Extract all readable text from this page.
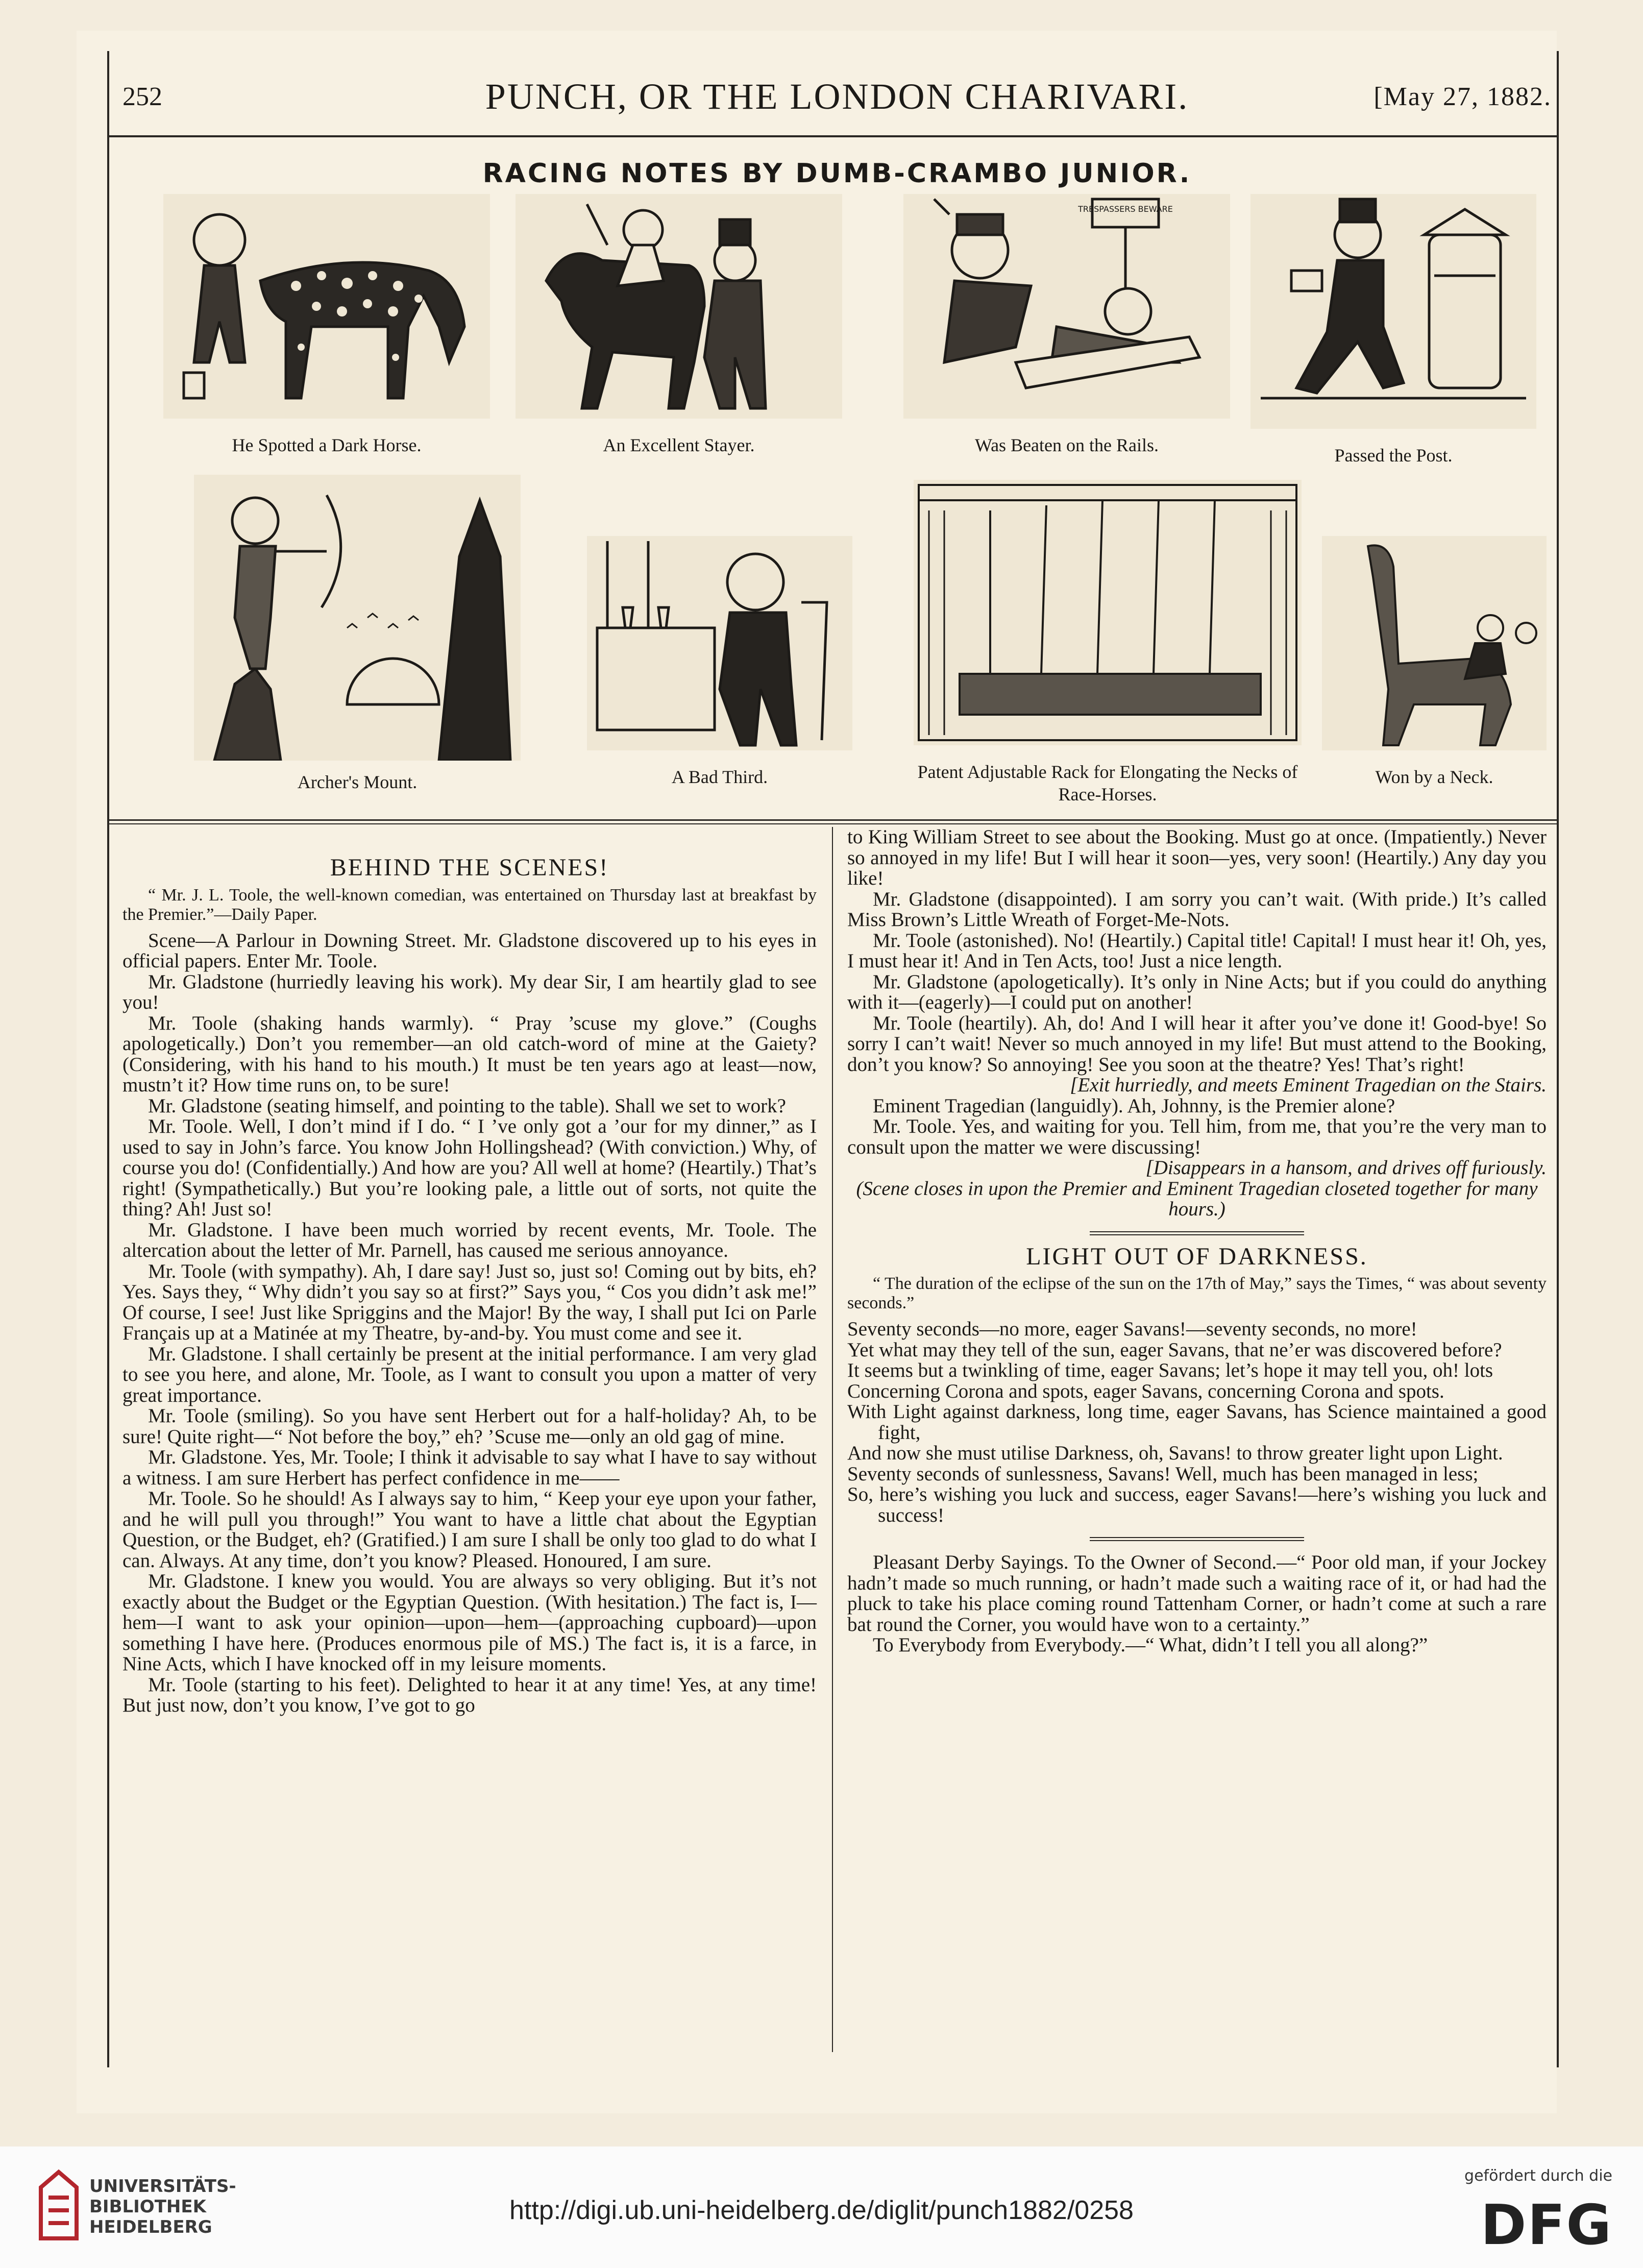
252	PUNCH, OR THE LONDON CHARIVARI.	[May 27, 1882.
RACING NOTES BY DUMB-CRAMBO JUNIOR.
He Spotted a Dark Horse.	An Excellent Stayer.
TRESPASSERS BEWARE
Was Beaten on the Rails.	Passed the Post.
Archer's Mount.	A Bad Third.	Patent Adjustable Rack for Elongating the Necks of Race-Horses.
Won by a Neck.
BEHIND THE SCENES!

“ Mr. J. L. Toole, the well-known comedian, was entertained on Thursday last at breakfast by the Premier.”—Daily Paper.

Scene—A Parlour in Downing Street. Mr. Gladstone discovered up to his eyes in official papers. Enter Mr. Toole.

Mr. Gladstone (hurriedly leaving his work). My dear Sir, I am heartily glad to see you!

Mr. Toole (shaking hands warmly). “ Pray ’scuse my glove.” (Coughs apologetically.) Don’t you remember—an old catch-word of mine at the Gaiety? (Considering, with his hand to his mouth.) It must be ten years ago at least—now, mustn’t it? How time runs on, to be sure!

Mr. Gladstone (seating himself, and pointing to the table). Shall we set to work?

Mr. Toole. Well, I don’t mind if I do. “ I ’ve only got a ’our for my dinner,” as I used to say in John’s farce. You know John Hollingshead? (With conviction.) Why, of course you do! (Confidentially.) And how are you? All well at home? (Heartily.) That’s right! (Sympathetically.) But you’re looking pale, a little out of sorts, not quite the thing? Ah! Just so!

Mr. Gladstone. I have been much worried by recent events, Mr. Toole. The altercation about the letter of Mr. Parnell, has caused me serious annoyance.

Mr. Toole (with sympathy). Ah, I dare say! Just so, just so! Coming out by bits, eh? Yes. Says they, “ Why didn’t you say so at first?” Says you, “ Cos you didn’t ask me!” Of course, I see! Just like Spriggins and the Major! By the way, I shall put Ici on Parle Français up at a Matinée at my Theatre, by-and-by. You must come and see it.

Mr. Gladstone. I shall certainly be present at the initial performance. I am very glad to see you here, and alone, Mr. Toole, as I want to consult you upon a matter of very great importance.

Mr. Toole (smiling). So you have sent Herbert out for a half-holiday? Ah, to be sure! Quite right—“ Not before the boy,” eh? ’Scuse me—only an old gag of mine.

Mr. Gladstone. Yes, Mr. Toole; I think it advisable to say what I have to say without a witness. I am sure Herbert has perfect confidence in me——

Mr. Toole. So he should! As I always say to him, “ Keep your eye upon your father, and he will pull you through!” You want to have a little chat about the Egyptian Question, or the Budget, eh? (Gratified.) I am sure I shall be only too glad to do what I can. Always. At any time, don’t you know? Pleased. Honoured, I am sure.

Mr. Gladstone. I knew you would. You are always so very obliging. But it’s not exactly about the Budget or the Egyptian Question. (With hesitation.) The fact is, I—hem—I want to ask your opinion—upon—hem—(approaching cupboard)—upon something I have here. (Produces enormous pile of MS.) The fact is, it is a farce, in Nine Acts, which I have knocked off in my leisure moments.

Mr. Toole (starting to his feet). Delighted to hear it at any time! Yes, at any time! But just now, don’t you know, I’ve got to go

to King William Street to see about the Booking. Must go at once. (Impatiently.) Never so annoyed in my life! But I will hear it soon—yes, very soon! (Heartily.) Any day you like!

Mr. Gladstone (disappointed). I am sorry you can’t wait. (With pride.) It’s called Miss Brown’s Little Wreath of Forget-Me-Nots.

Mr. Toole (astonished). No! (Heartily.) Capital title! Capital! I must hear it! Oh, yes, I must hear it! And in Ten Acts, too! Just a nice length.

Mr. Gladstone (apologetically). It’s only in Nine Acts; but if you could do anything with it—(eagerly)—I could put on another!

Mr. Toole (heartily). Ah, do! And I will hear it after you’ve done it! Good-bye! So sorry I can’t wait! Never so much annoyed in my life! But must attend to the Booking, don’t you know? So annoying! See you soon at the theatre? Yes! That’s right!

[Exit hurriedly, and meets Eminent Tragedian on the Stairs.

Eminent Tragedian (languidly). Ah, Johnny, is the Premier alone?

Mr. Toole. Yes, and waiting for you. Tell him, from me, that you’re the very man to consult upon the matter we were discussing!

[Disappears in a hansom, and drives off furiously.

(Scene closes in upon the Premier and Eminent Tragedian closeted together for many hours.)

LIGHT OUT OF DARKNESS.

“ The duration of the eclipse of the sun on the 17th of May,” says the Times, “ was about seventy seconds.”

Seventy seconds—no more, eager Savans!—seventy seconds, no more!

Yet what may they tell of the sun, eager Savans, that ne’er was discovered before?

It seems but a twinkling of time, eager Savans; let’s hope it may tell you, oh! lots

Concerning Corona and spots, eager Savans, concerning Corona and spots.

With Light against darkness, long time, eager Savans, has Science maintained a good fight,

And now she must utilise Darkness, oh, Savans! to throw greater light upon Light.

Seventy seconds of sunlessness, Savans! Well, much has been managed in less;

So, here’s wishing you luck and success, eager Savans!—here’s wishing you luck and success!

Pleasant Derby Sayings. To the Owner of Second.—“ Poor old man, if your Jockey hadn’t made so much running, or hadn’t made such a waiting race of it, or had had the pluck to take his place coming round Tattenham Corner, or hadn’t come at such a rare bat round the Corner, you would have won to a certainty.”

To Everybody from Everybody.—“ What, didn’t I tell you all along?”

UNIVERSITÄTS- BIBLIOTHEK HEIDELBERG
http://digi.ub.uni-heidelberg.de/diglit/punch1882/0258
gefördert durch die
DFG
